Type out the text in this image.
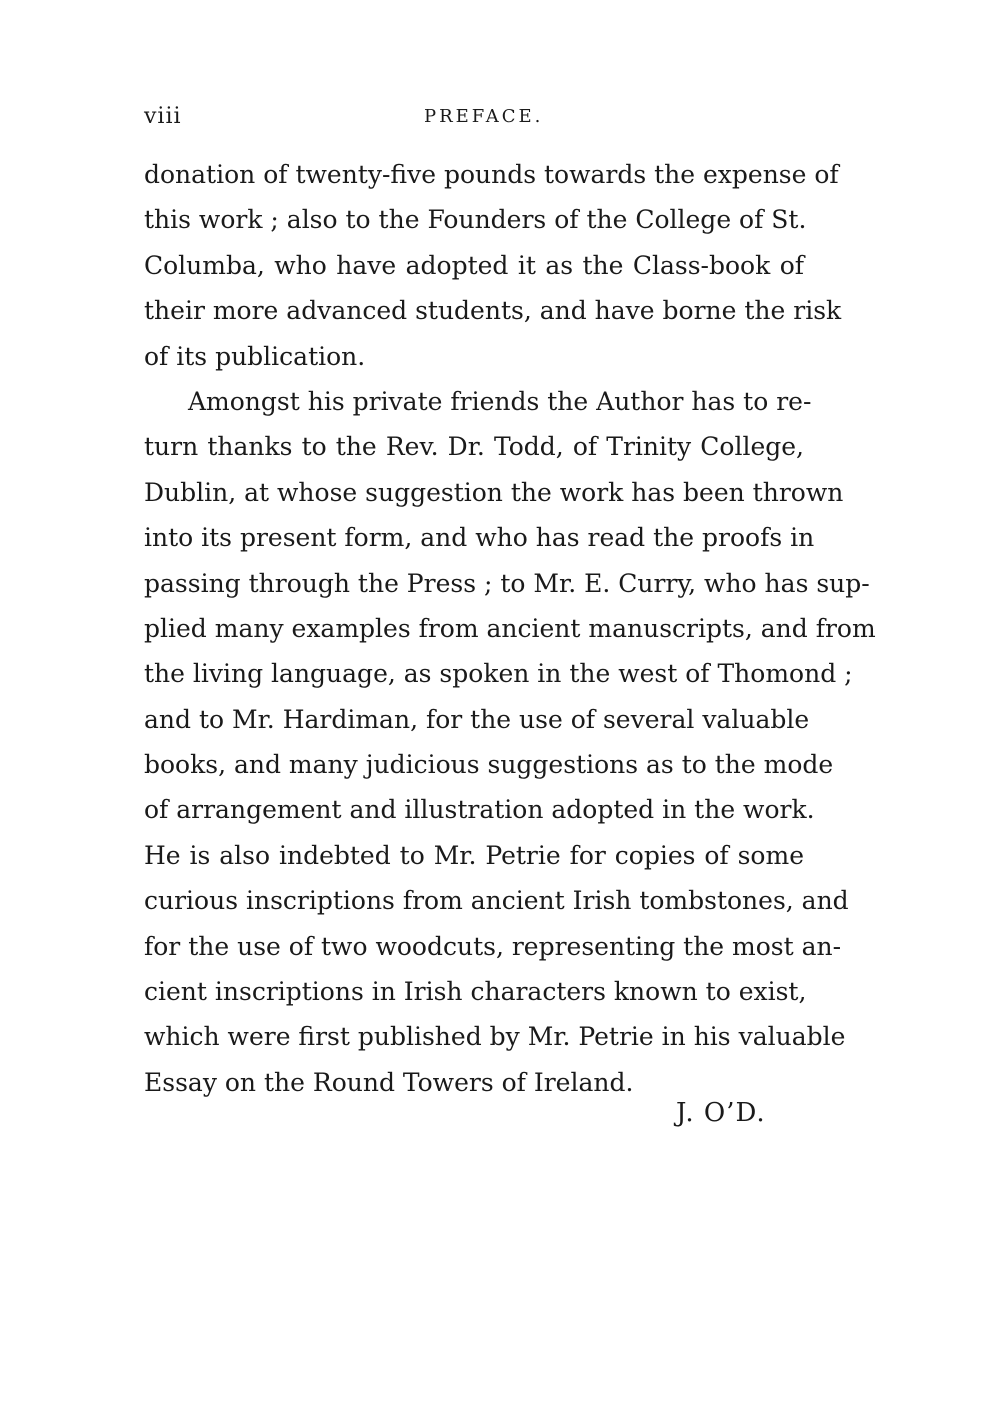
viii	PREFACE.
donation of twenty-five pounds towards the expense of
this work ; also to the Founders of the College of St.
Columba, who have adopted it as the Class-book of
their more advanced students, and have borne the risk
of its publication.
Amongst his private friends the Author has to re-
turn thanks to the Rev. Dr. Todd, of Trinity College,
Dublin, at whose suggestion the work has been thrown
into its present form, and who has read the proofs in
passing through the Press ; to Mr. E. Curry, who has sup-
plied many examples from ancient manuscripts, and from
the living language, as spoken in the west of Thomond ;
and to Mr. Hardiman, for the use of several valuable
books, and many judicious suggestions as to the mode
of arrangement and illustration adopted in the work.
He is also indebted to Mr. Petrie for copies of some
curious inscriptions from ancient Irish tombstones, and
for the use of two woodcuts, representing the most an-
cient inscriptions in Irish characters known to exist,
which were first published by Mr. Petrie in his valuable
Essay on the Round Towers of Ireland.
J. O’D.
